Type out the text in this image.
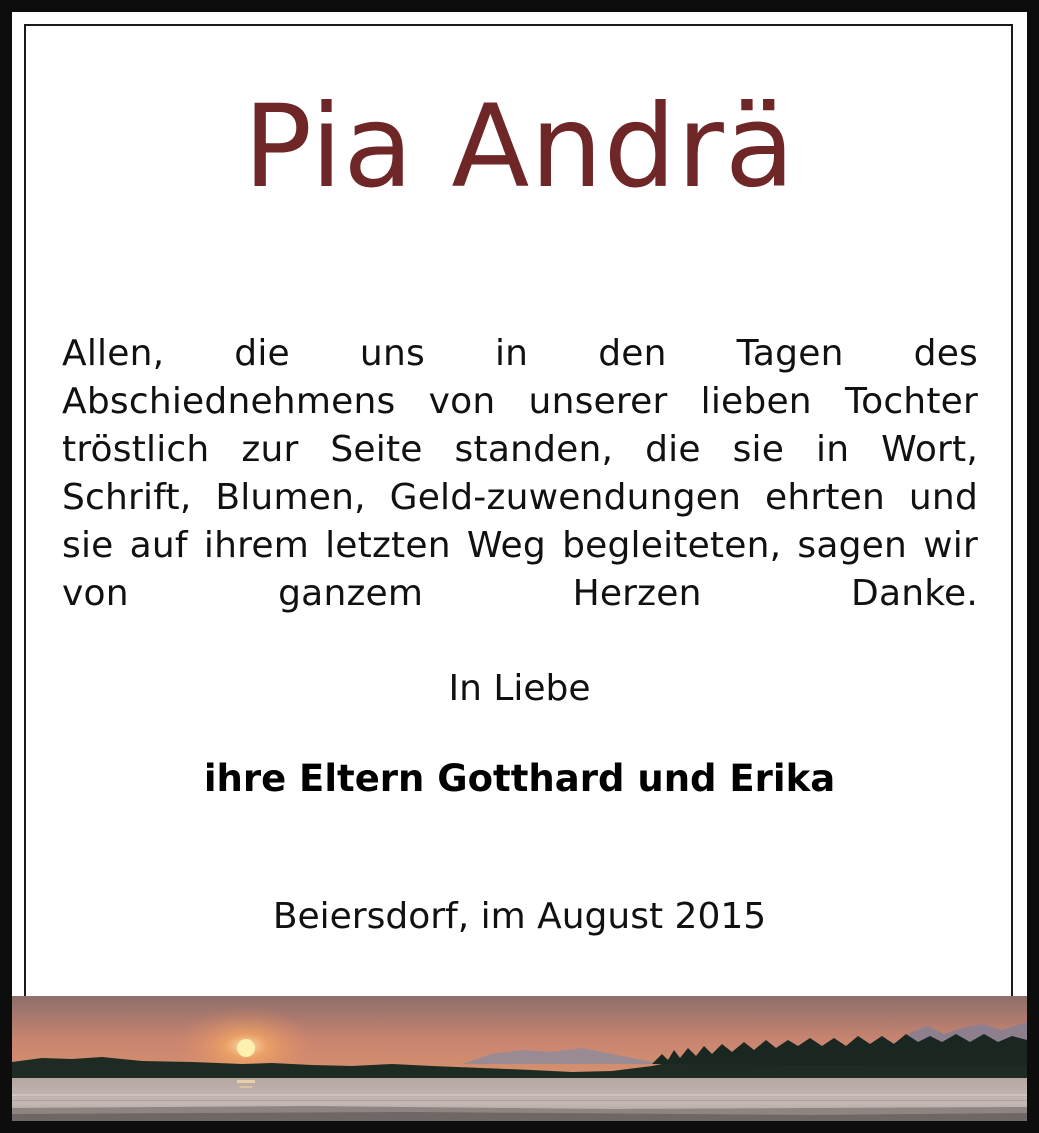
Pia Andrä

Allen, die uns in den Tagen des Abschiednehmens von unserer lieben Tochter tröstlich zur Seite standen, die sie in Wort, Schrift, Blumen, Geld-zuwendungen ehrten und sie auf ihrem letzten Weg begleiteten, sagen wir von ganzem Herzen Danke.

In Liebe
ihre Eltern Gotthard und Erika
Beiersdorf, im August 2015
